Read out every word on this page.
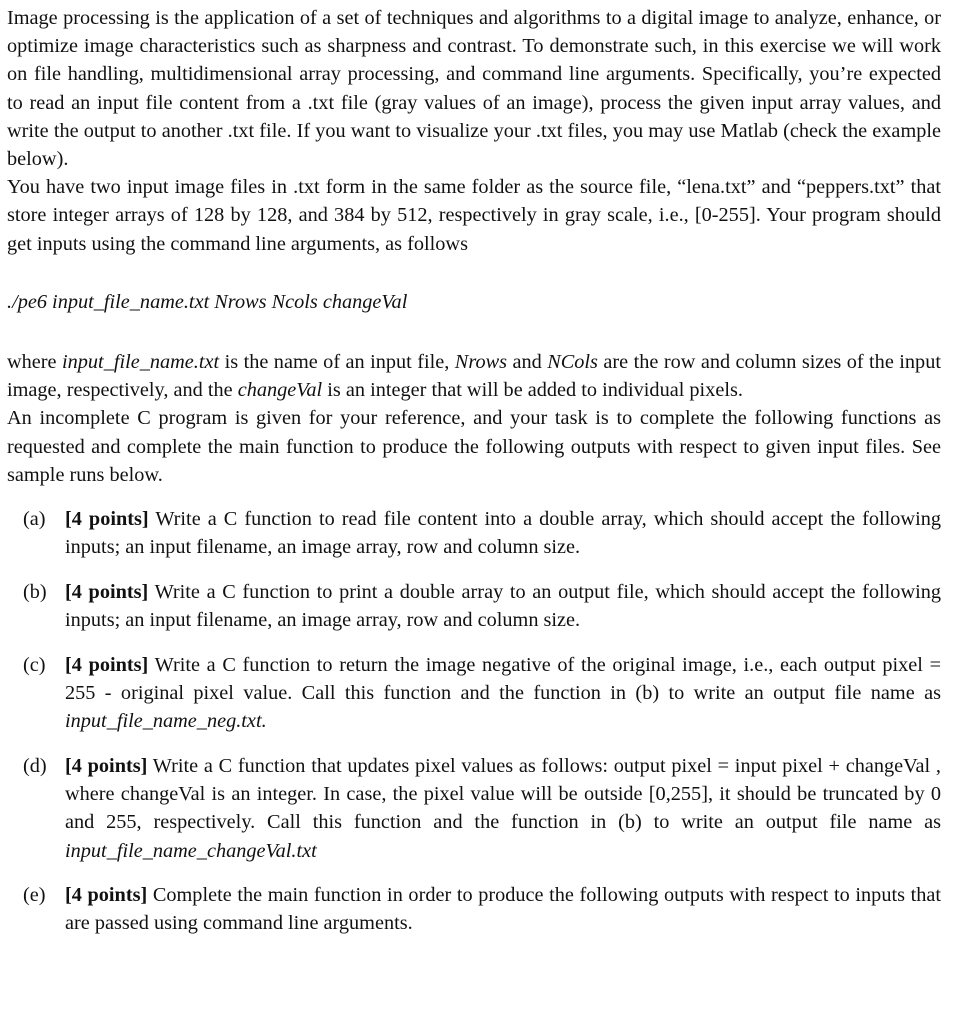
Image processing is the application of a set of techniques and algorithms to a digital image to analyze, enhance, or optimize image characteristics such as sharpness and contrast. To demonstrate such, in this exercise we will work on file handling, multidimensional array processing, and command line arguments. Specifically, you’re expected to read an input file content from a .txt file (gray values of an image), process the given input array values, and write the output to another .txt file. If you want to visualize your .txt files, you may use Matlab (check the example below).

You have two input image files in .txt form in the same folder as the source file, “lena.txt” and “peppers.txt” that store integer arrays of 128 by 128, and 384 by 512, respectively in gray scale, i.e., [0-255]. Your program should get inputs using the command line arguments, as follows

./pe6 input_file_name.txt Nrows Ncols changeVal

where input_file_name.txt is the name of an input file, Nrows and NCols are the row and column sizes of the input image, respectively, and the changeVal is an integer that will be added to individual pixels.

An incomplete C program is given for your reference, and your task is to complete the following functions as requested and complete the main function to produce the following outputs with respect to given input files. See sample runs below.

(a) [4 points] Write a C function to read file content into a double array, which should accept the following inputs; an input filename, an image array, row and column size.
(b) [4 points] Write a C function to print a double array to an output file, which should accept the following inputs; an input filename, an image array, row and column size.
(c) [4 points] Write a C function to return the image negative of the original image, i.e., each output pixel = 255 - original pixel value. Call this function and the function in (b) to write an output file name as input_file_name_neg.txt.
(d) [4 points] Write a C function that updates pixel values as follows: output pixel = input pixel + changeVal , where changeVal is an integer. In case, the pixel value will be outside [0,255], it should be truncated by 0 and 255, respectively. Call this function and the function in (b) to write an output file name as input_file_name_changeVal.txt
(e) [4 points] Complete the main function in order to produce the following outputs with respect to inputs that are passed using command line arguments.
